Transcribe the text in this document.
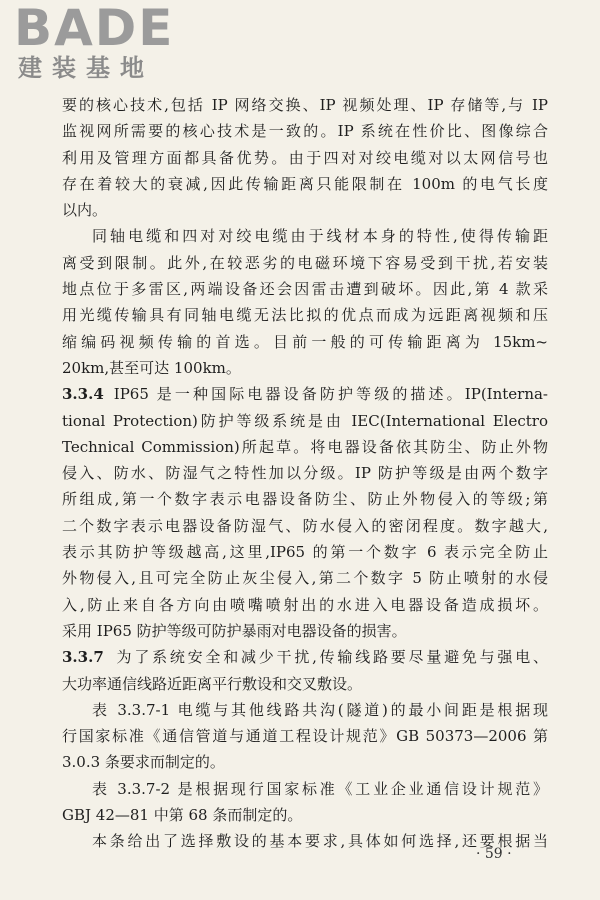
BADE
建装基地
要的核心技术,包括 IP 网络交换、IP 视频处理、IP 存储等,与 IP
监视网所需要的核心技术是一致的。IP 系统在性价比、图像综合
利用及管理方面都具备优势。由于四对对绞电缆对以太网信号也
存在着较大的衰减,因此传输距离只能限制在 100m 的电气长度
以内。
同轴电缆和四对对绞电缆由于线材本身的特性,使得传输距
离受到限制。此外,在较恶劣的电磁环境下容易受到干扰,若安装
地点位于多雷区,两端设备还会因雷击遭到破坏。因此,第 4 款采
用光缆传输具有同轴电缆无法比拟的优点而成为远距离视频和压
缩编码视频传输的首选。目前一般的可传输距离为 15km~
20km,甚至可达 100km。
3.3.4 IP65 是一种国际电器设备防护等级的描述。IP(Interna-
tional Protection)防护等级系统是由 IEC(International Electro
Technical Commission)所起草。将电器设备依其防尘、防止外物
侵入、防水、防湿气之特性加以分级。IP 防护等级是由两个数字
所组成,第一个数字表示电器设备防尘、防止外物侵入的等级;第
二个数字表示电器设备防湿气、防水侵入的密闭程度。数字越大,
表示其防护等级越高,这里,IP65 的第一个数字 6 表示完全防止
外物侵入,且可完全防止灰尘侵入,第二个数字 5 防止喷射的水侵
入,防止来自各方向由喷嘴喷射出的水进入电器设备造成损坏。
采用 IP65 防护等级可防护暴雨对电器设备的损害。
3.3.7 为了系统安全和减少干扰,传输线路要尽量避免与强电、
大功率通信线路近距离平行敷设和交叉敷设。
表 3.3.7-1 电缆与其他线路共沟(隧道)的最小间距是根据现
行国家标准《通信管道与通道工程设计规范》GB 50373—2006 第
3.0.3 条要求而制定的。
表 3.3.7-2 是根据现行国家标准《工业企业通信设计规范》
GBJ 42—81 中第 68 条而制定的。
本条给出了选择敷设的基本要求,具体如何选择,还要根据当
· 59 ·
